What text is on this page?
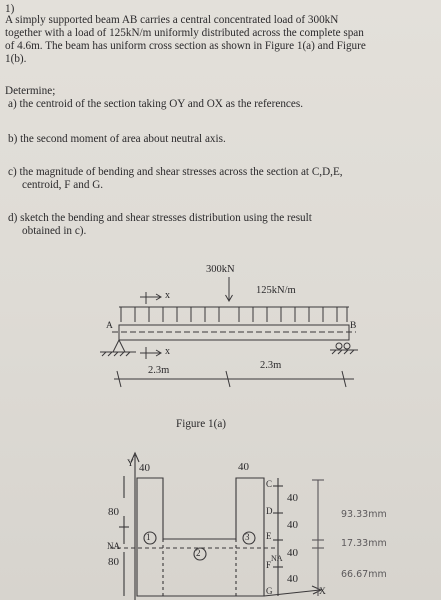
1)
A simply supported beam AB carries a central concentrated load of 300kN
together with a load of 125kN/m uniformly distributed across the complete span
of 4.6m. The beam has uniform cross section as shown in Figure 1(a) and Figure
1(b).
Determine;
a) the centroid of the section taking OY and OX as the references.
b) the second moment of area about neutral axis.
c) the magnitude of bending and shear stresses across the section at C,D,E,
centroid, F and G.
d) sketch the bending and shear stresses distribution using the result
obtained in c).
300kN
125kN/m
A	B
x
x
2.3m	2.3m
Figure 1(a)
Y 40	40
80
NA
80
1
2
3
C
D
E
F
G
NA
40
40
40
40
X
93.33mm
17.33mm
66.67mm
